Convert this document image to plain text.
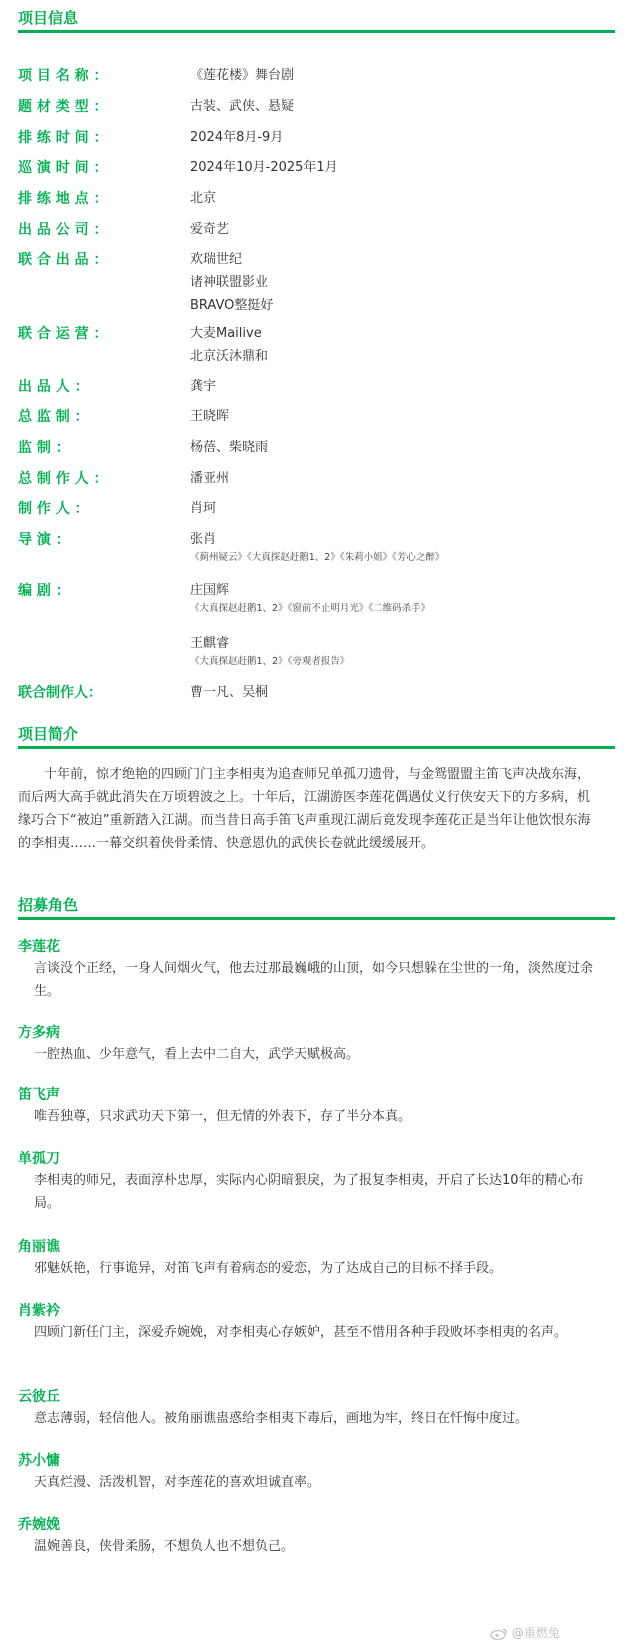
项目信息
项 目 名 称 ：	《莲花楼》舞台剧
题 材 类 型 ：	古装、武侠、悬疑
排 练 时 间 ：	2024年8月-9月
巡 演 时 间 ：	2024年10月-2025年1月
排 练 地 点 ：	北京
出 品 公 司 ：	爱奇艺
联 合 出 品 ：	欢瑞世纪
诸神联盟影业
BRAVO整挺好
联 合 运 营 ：	大麦Mailive
北京沃沐鼎和
出 品 人 ：	龚宇
总 监 制 ：	王晓晖
监 制 ：	杨蓓、柴晓雨
总 制 作 人 ：	潘亚州
制 作 人 ：	肖珂
导 演 ：	张肖
《蓟州疑云》《大真探赵赶鹅1、2》《朱莉小姐》《芳心之醉》
编 剧 ：	庄国辉
《大真探赵赶鹅1、2》《窗前不止明月光》《二维码杀手》
王麒睿
《大真探赵赶鹅1、2》《旁观者报告》
联合制作人：	曹一凡、吴桐
项目简介
十年前，惊才绝艳的四顾门门主李相夷为追查师兄单孤刀遗骨，与金鸳盟盟主笛飞声决战东海，而后两大高手就此消失在万顷碧波之上。十年后，江湖游医李莲花偶遇仗义行侠安天下的方多病，机缘巧合下“被迫”重新踏入江湖。而当昔日高手笛飞声重现江湖后竟发现李莲花正是当年让他饮恨东海的李相夷……一幕交织着侠骨柔情、快意恩仇的武侠长卷就此缓缓展开。
招募角色
李莲花
言谈没个正经，一身人间烟火气，他去过那最巍峨的山顶，如今只想躲在尘世的一角，淡然度过余生。
方多病
一腔热血、少年意气，看上去中二自大，武学天赋极高。
笛飞声
唯吾独尊，只求武功天下第一，但无情的外表下，存了半分本真。
单孤刀
李相夷的师兄，表面淳朴忠厚，实际内心阴暗狠戾，为了报复李相夷，开启了长达10年的精心布局。
角丽谯
邪魅妖艳，行事诡异，对笛飞声有着病态的爱恋，为了达成自己的目标不择手段。
肖紫衿
四顾门新任门主，深爱乔婉娩，对李相夷心存嫉妒，甚至不惜用各种手段败坏李相夷的名声。
云彼丘
意志薄弱，轻信他人。被角丽谯蛊惑给李相夷下毒后，画地为牢，终日在忏悔中度过。
苏小慵
天真烂漫、活泼机智，对李莲花的喜欢坦诚直率。
乔婉娩
温婉善良，侠骨柔肠，不想负人也不想负己。
@重燃兔
